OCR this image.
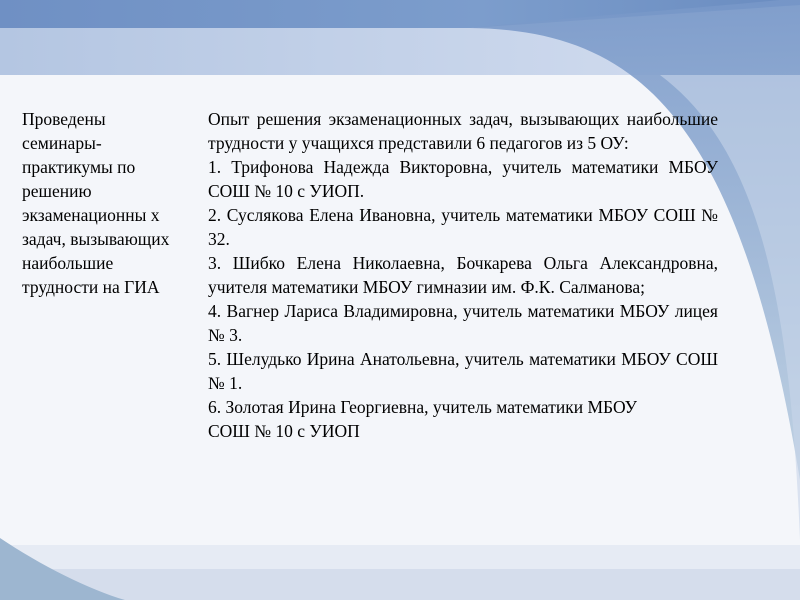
Проведены семинары-практикумы по решению экзаменационны х задач, вызывающих наибольшие трудности на ГИА

Опыт решения экзаменационных задач, вызывающих наибольшие трудности у учащихся представили 6 педагогов из 5 ОУ:

1. Трифонова Надежда Викторовна, учитель математики МБОУ СОШ № 10 с УИОП.

2. Суслякова Елена Ивановна, учитель математики МБОУ СОШ № 32.

3. Шибко Елена Николаевна, Бочкарева Ольга Александровна, учителя математики МБОУ гимназии им. Ф.К. Салманова;

4. Вагнер Лариса Владимировна, учитель математики МБОУ лицея № 3.

5. Шелудько Ирина Анатольевна, учитель математики МБОУ СОШ № 1.

6. Золотая Ирина Георгиевна, учитель математики МБОУ
СОШ № 10 с УИОП
